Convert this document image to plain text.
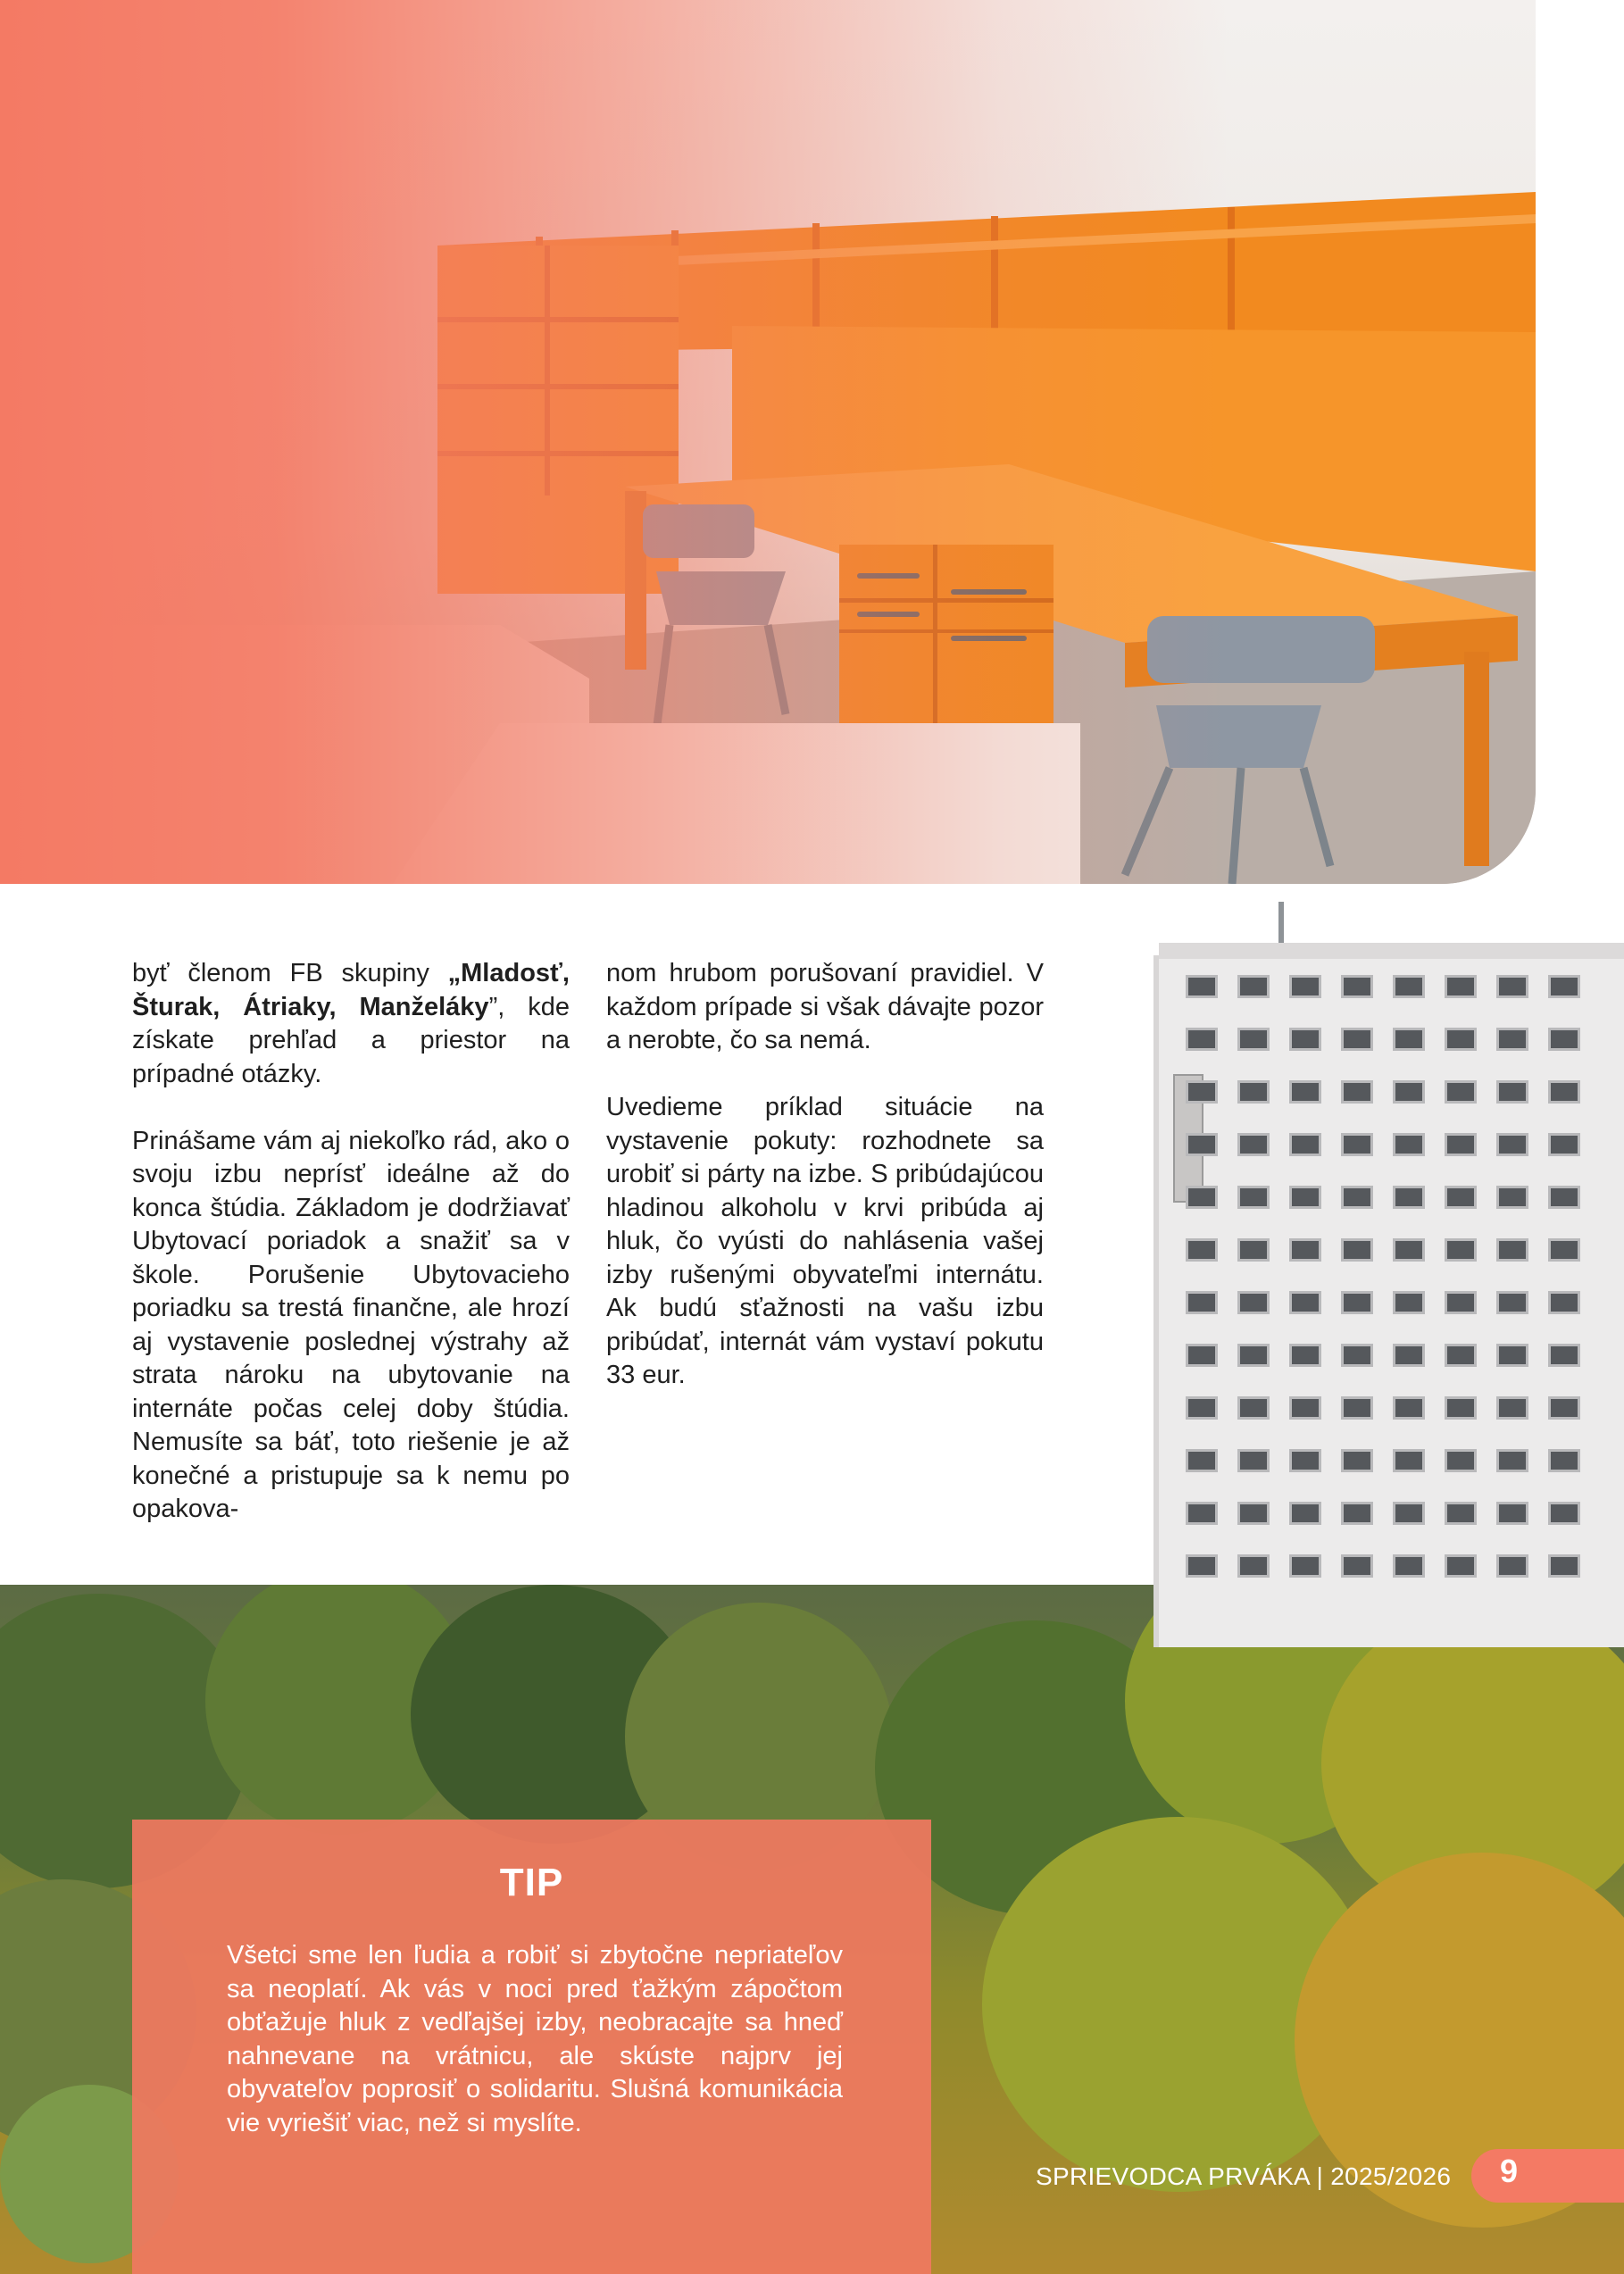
byť členom FB skupiny „Mladosť, Šturak, Átriaky, Manželáky”, kde získate prehľad a priestor na prípadné otázky.

Prinášame vám aj niekoľko rád, ako o svoju izbu neprísť ideálne až do konca štúdia. Základom je dodržiavať Ubytovací poriadok a snažiť sa v škole. Porušenie Ubytovacieho poriadku sa trestá finančne, ale hrozí aj vystavenie poslednej výstrahy až strata nároku na ubytovanie na internáte počas celej doby štúdia. Nemusíte sa báť, toto riešenie je až konečné a pristupuje sa k nemu po opakova-

nom hrubom porušovaní pravidiel. V každom prípade si však dávajte pozor a nerobte, čo sa nemá.

Uvedieme príklad situácie na vystavenie pokuty: rozhodnete sa urobiť si párty na izbe. S pribúdajúcou hladinou alkoholu v krvi pribúda aj hluk, čo vyústi do nahlásenia vašej izby rušenými obyvateľmi internátu. Ak budú sťažnosti na vašu izbu pribúdať, internát vám vystaví pokutu 33 eur.

TIP
Všetci sme len ľudia a robiť si zbytočne nepriateľov sa neoplatí. Ak vás v noci pred ťažkým zápočtom obťažuje hluk z vedľajšej izby, neobracajte sa hneď nahnevane na vrátnicu, ale skúste najprv jej obyvateľov poprosiť o solidaritu. Slušná komunikácia vie vyriešiť viac, než si myslíte.
SPRIEVODCA PRVÁKA | 2025/2026 9
